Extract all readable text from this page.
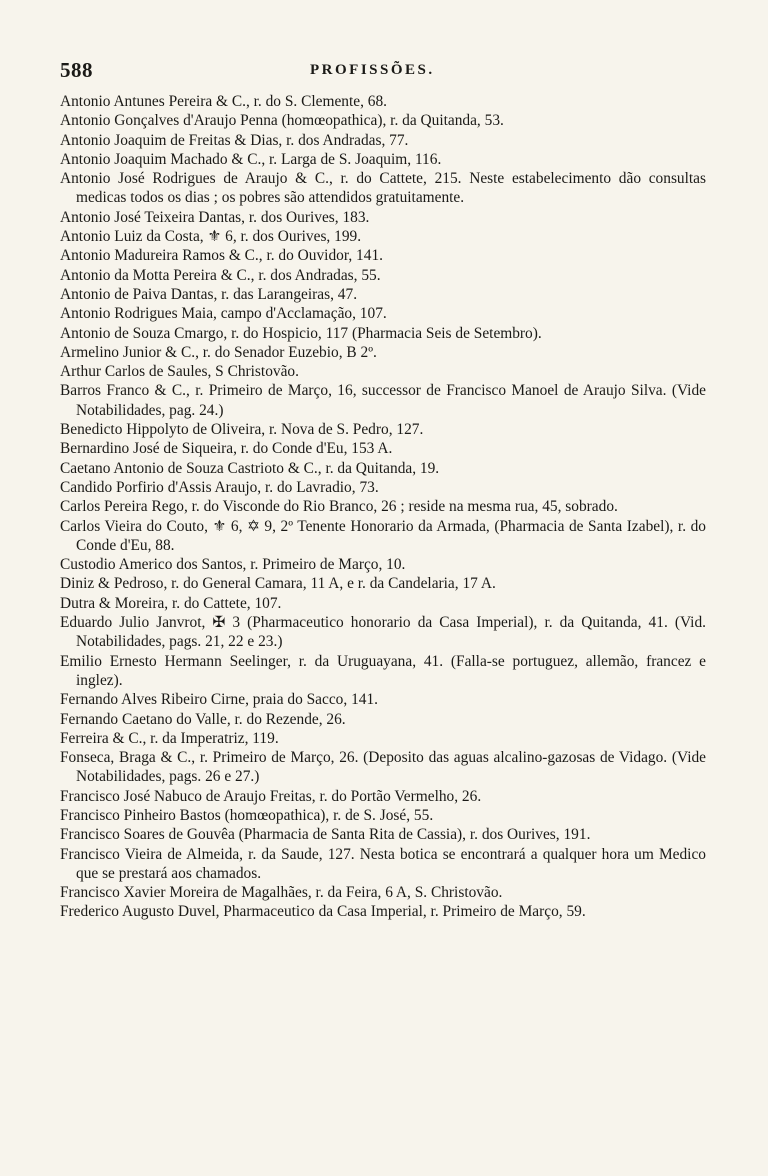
588	PROFISSÕES.

Antonio Antunes Pereira & C., r. do S. Clemente, 68.

Antonio Gonçalves d'Araujo Penna (homœopathica), r. da Quitanda, 53.

Antonio Joaquim de Freitas & Dias, r. dos Andradas, 77.

Antonio Joaquim Machado & C., r. Larga de S. Joaquim, 116.

Antonio José Rodrigues de Araujo & C., r. do Cattete, 215. Neste estabelecimento dão consultas medicas todos os dias ; os pobres são attendidos gratuitamente.

Antonio José Teixeira Dantas, r. dos Ourives, 183.

Antonio Luiz da Costa, ⚜ 6, r. dos Ourives, 199.

Antonio Madureira Ramos & C., r. do Ouvidor, 141.

Antonio da Motta Pereira & C., r. dos Andradas, 55.

Antonio de Paiva Dantas, r. das Larangeiras, 47.

Antonio Rodrigues Maia, campo d'Acclamação, 107.

Antonio de Souza Cmargo, r. do Hospicio, 117 (Pharmacia Seis de Setembro).

Armelino Junior & C., r. do Senador Euzebio, B 2º.

Arthur Carlos de Saules, S Christovão.

Barros Franco & C., r. Primeiro de Março, 16, successor de Francisco Manoel de Araujo Silva. (Vide Notabilidades, pag. 24.)

Benedicto Hippolyto de Oliveira, r. Nova de S. Pedro, 127.

Bernardino José de Siqueira, r. do Conde d'Eu, 153 A.

Caetano Antonio de Souza Castrioto & C., r. da Quitanda, 19.

Candido Porfirio d'Assis Araujo, r. do Lavradio, 73.

Carlos Pereira Rego, r. do Visconde do Rio Branco, 26 ; reside na mesma rua, 45, sobrado.

Carlos Vieira do Couto, ⚜ 6, ✡ 9, 2º Tenente Honorario da Armada, (Pharmacia de Santa Izabel), r. do Conde d'Eu, 88.

Custodio Americo dos Santos, r. Primeiro de Março, 10.

Diniz & Pedroso, r. do General Camara, 11 A, e r. da Candelaria, 17 A.

Dutra & Moreira, r. do Cattete, 107.

Eduardo Julio Janvrot, ✠ 3 (Pharmaceutico honorario da Casa Imperial), r. da Quitanda, 41. (Vid. Notabilidades, pags. 21, 22 e 23.)

Emilio Ernesto Hermann Seelinger, r. da Uruguayana, 41. (Falla-se portuguez, allemão, francez e inglez).

Fernando Alves Ribeiro Cirne, praia do Sacco, 141.

Fernando Caetano do Valle, r. do Rezende, 26.

Ferreira & C., r. da Imperatriz, 119.

Fonseca, Braga & C., r. Primeiro de Março, 26. (Deposito das aguas alcalino-gazosas de Vidago. (Vide Notabilidades, pags. 26 e 27.)

Francisco José Nabuco de Araujo Freitas, r. do Portão Vermelho, 26.

Francisco Pinheiro Bastos (homœopathica), r. de S. José, 55.

Francisco Soares de Gouvêa (Pharmacia de Santa Rita de Cassia), r. dos Ourives, 191.

Francisco Vieira de Almeida, r. da Saude, 127. Nesta botica se encontrará a qualquer hora um Medico que se prestará aos chamados.

Francisco Xavier Moreira de Magalhães, r. da Feira, 6 A, S. Christovão.

Frederico Augusto Duvel, Pharmaceutico da Casa Imperial, r. Primeiro de Março, 59.
